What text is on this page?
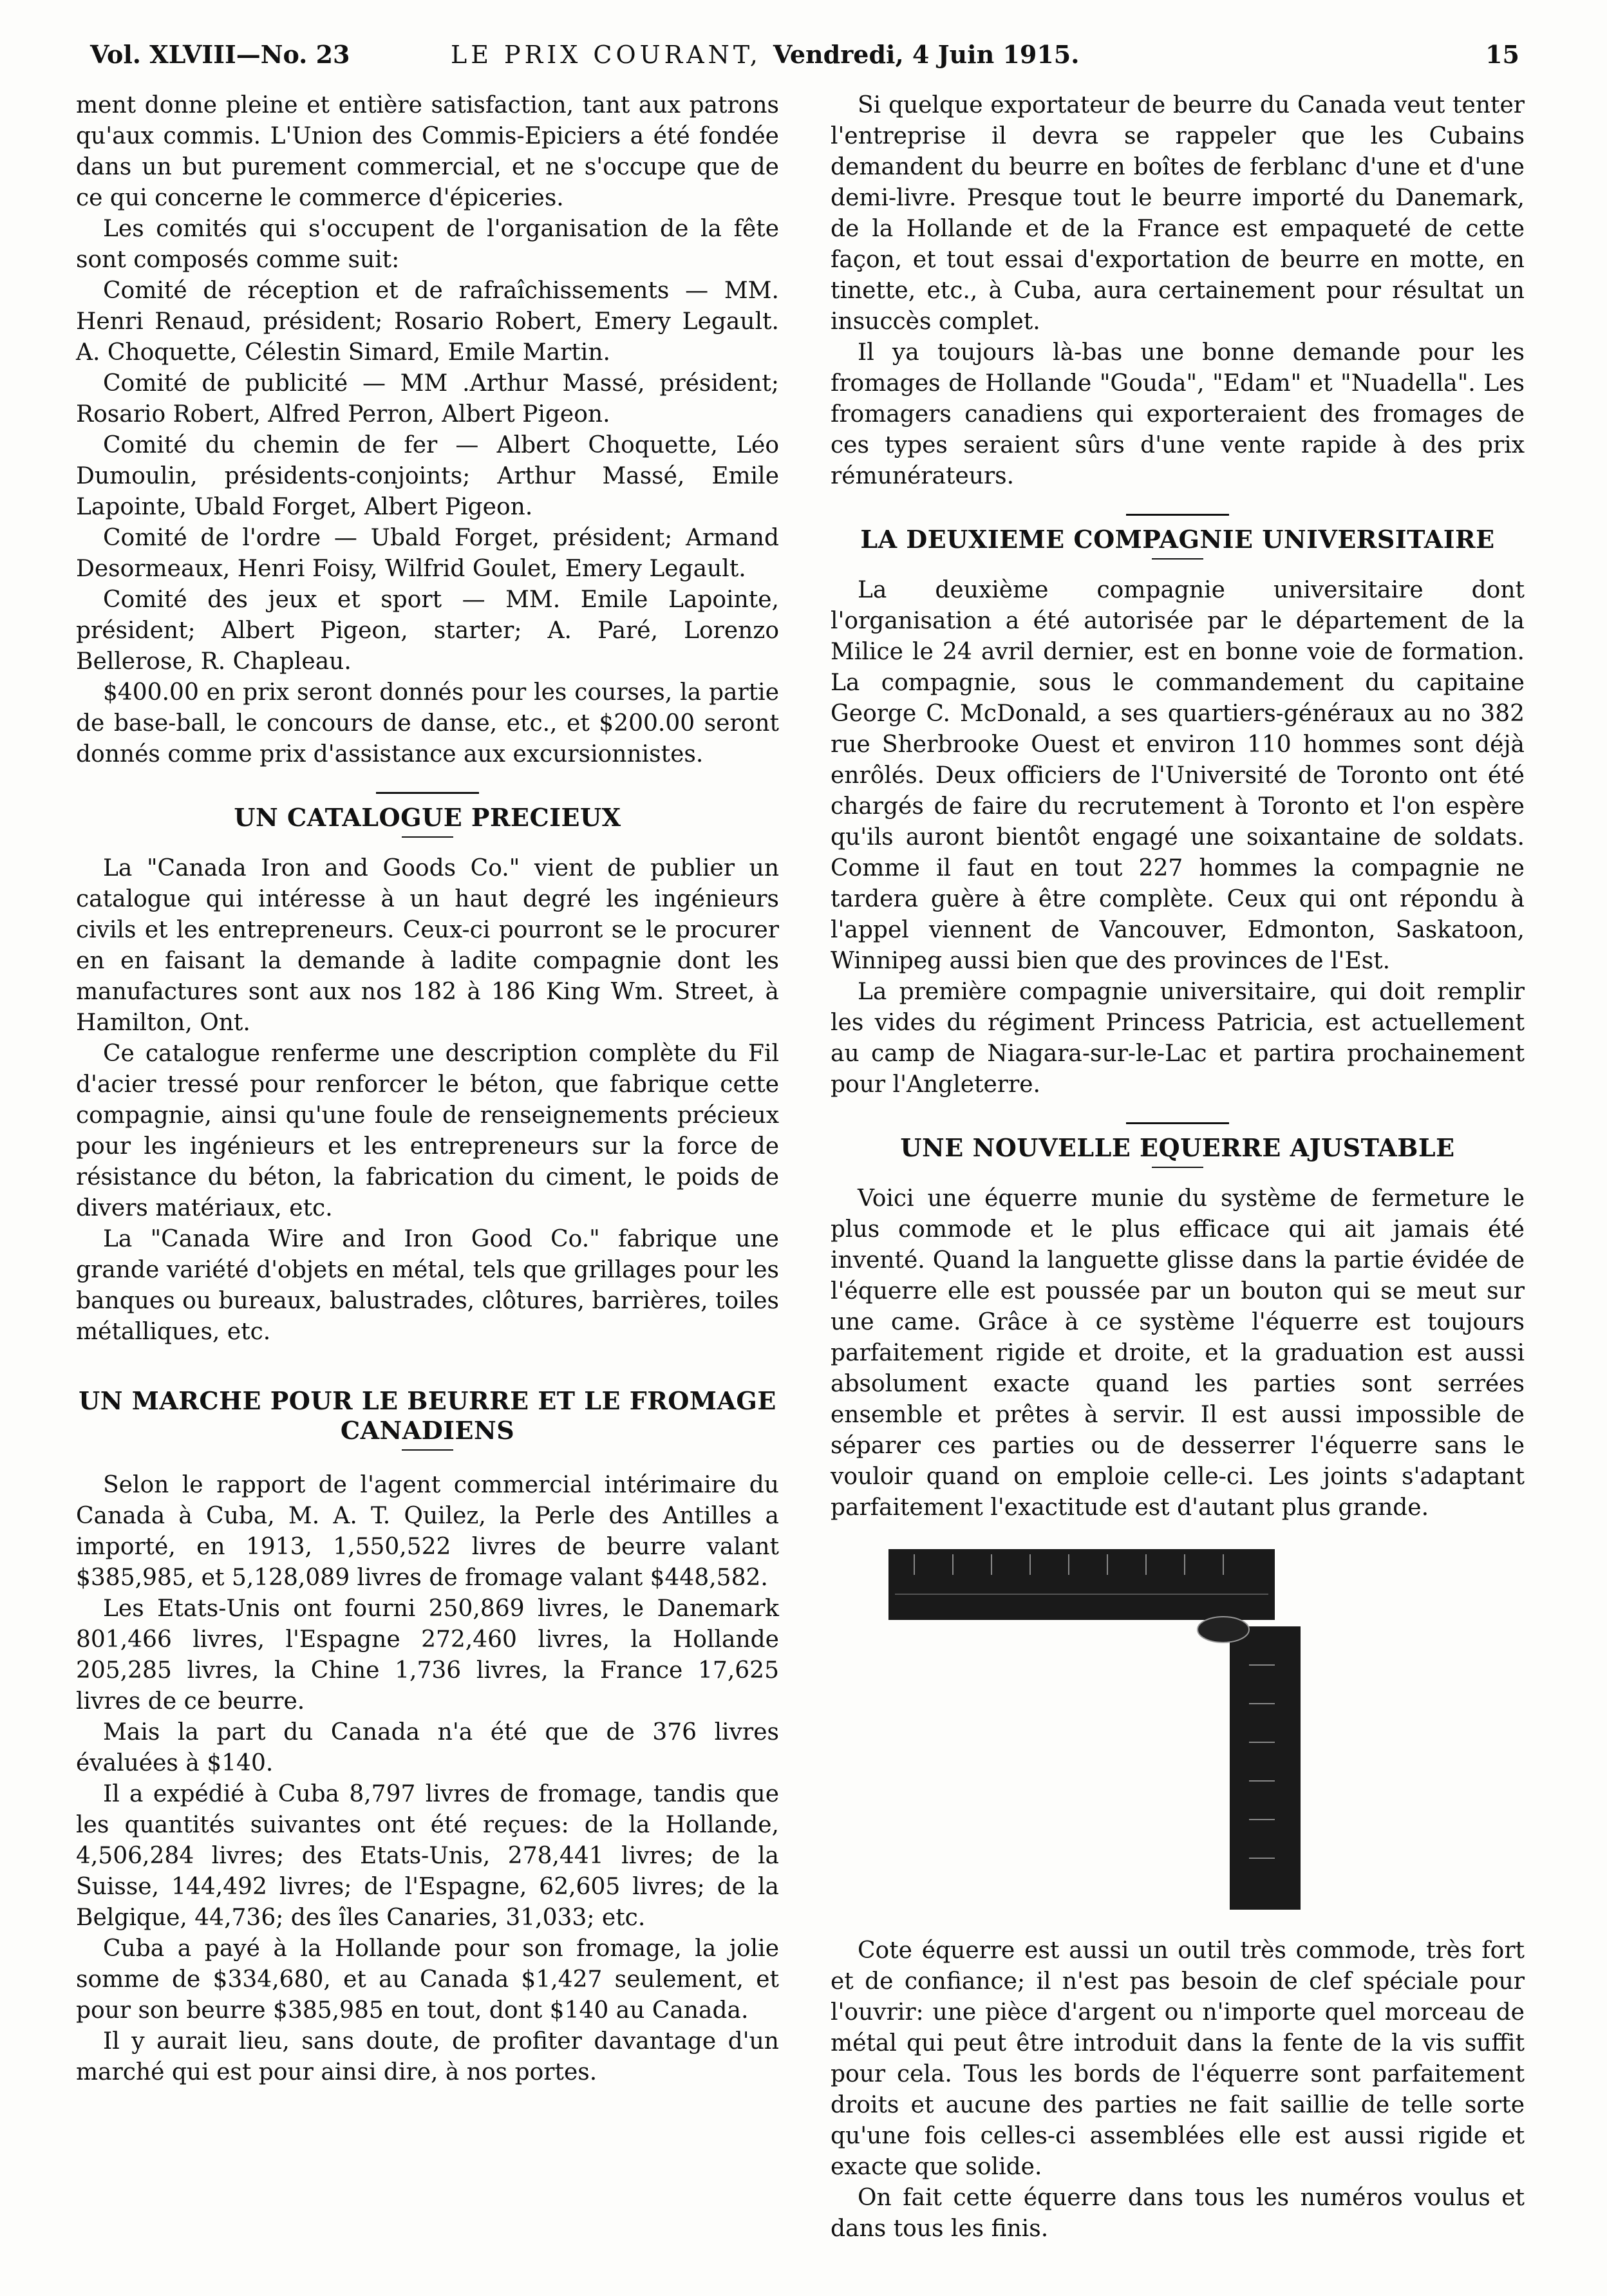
Vol. XLVIII—No. 23	LE PRIX COURANT, Vendredi, 4 Juin 1915.	15

ment donne pleine et entière satisfaction, tant aux patrons qu'aux commis. L'Union des Commis-Epiciers a été fondée dans un but purement commercial, et ne s'occupe que de ce qui concerne le commerce d'épiceries.

Les comités qui s'occupent de l'organisation de la fête sont composés comme suit:

Comité de réception et de rafraîchissements — MM. Henri Renaud, président; Rosario Robert, Emery Legault. A. Choquette, Célestin Simard, Emile Martin.

Comité de publicité — MM .Arthur Massé, président; Rosario Robert, Alfred Perron, Albert Pigeon.

Comité du chemin de fer — Albert Choquette, Léo Dumoulin, présidents-conjoints; Arthur Massé, Emile Lapointe, Ubald Forget, Albert Pigeon.

Comité de l'ordre — Ubald Forget, président; Armand Desormeaux, Henri Foisy, Wilfrid Goulet, Emery Legault.

Comité des jeux et sport — MM. Emile Lapointe, président; Albert Pigeon, starter; A. Paré, Lorenzo Bellerose, R. Chapleau.

$400.00 en prix seront donnés pour les courses, la partie de base-ball, le concours de danse, etc., et $200.00 seront donnés comme prix d'assistance aux excursionnistes.

UN CATALOGUE PRECIEUX

La "Canada Iron and Goods Co." vient de publier un catalogue qui intéresse à un haut degré les ingénieurs civils et les entrepreneurs. Ceux-ci pourront se le procurer en en faisant la demande à ladite compagnie dont les manufactures sont aux nos 182 à 186 King Wm. Street, à Hamilton, Ont.

Ce catalogue renferme une description complète du Fil d'acier tressé pour renforcer le béton, que fabrique cette compagnie, ainsi qu'une foule de renseignements précieux pour les ingénieurs et les entrepreneurs sur la force de résistance du béton, la fabrication du ciment, le poids de divers matériaux, etc.

La "Canada Wire and Iron Good Co." fabrique une grande variété d'objets en métal, tels que grillages pour les banques ou bureaux, balustrades, clôtures, barrières, toiles métalliques, etc.

UN MARCHE POUR LE BEURRE ET LE FROMAGE CANADIENS

Selon le rapport de l'agent commercial intérimaire du Canada à Cuba, M. A. T. Quilez, la Perle des Antilles a importé, en 1913, 1,550,522 livres de beurre valant $385,985, et 5,128,089 livres de fromage valant $448,582.

Les Etats-Unis ont fourni 250,869 livres, le Danemark 801,466 livres, l'Espagne 272,460 livres, la Hollande 205,285 livres, la Chine 1,736 livres, la France 17,625 livres de ce beurre.

Mais la part du Canada n'a été que de 376 livres évaluées à $140.

Il a expédié à Cuba 8,797 livres de fromage, tandis que les quantités suivantes ont été reçues: de la Hollande, 4,506,284 livres; des Etats-Unis, 278,441 livres; de la Suisse, 144,492 livres; de l'Espagne, 62,605 livres; de la Belgique, 44,736; des îles Canaries, 31,033; etc.

Cuba a payé à la Hollande pour son fromage, la jolie somme de $334,680, et au Canada $1,427 seulement, et pour son beurre $385,985 en tout, dont $140 au Canada.

Il y aurait lieu, sans doute, de profiter davantage d'un marché qui est pour ainsi dire, à nos portes.

Si quelque exportateur de beurre du Canada veut tenter l'entreprise il devra se rappeler que les Cubains demandent du beurre en boîtes de ferblanc d'une et d'une demi-livre. Presque tout le beurre importé du Danemark, de la Hollande et de la France est empaqueté de cette façon, et tout essai d'exportation de beurre en motte, en tinette, etc., à Cuba, aura certainement pour résultat un insuccès complet.

Il ya toujours là-bas une bonne demande pour les fromages de Hollande "Gouda", "Edam" et "Nuadella". Les fromagers canadiens qui exporteraient des fromages de ces types seraient sûrs d'une vente rapide à des prix rémunérateurs.

LA DEUXIEME COMPAGNIE UNIVERSITAIRE

La deuxième compagnie universitaire dont l'organisation a été autorisée par le département de la Milice le 24 avril dernier, est en bonne voie de formation. La compagnie, sous le commandement du capitaine George C. McDonald, a ses quartiers-généraux au no 382 rue Sherbrooke Ouest et environ 110 hommes sont déjà enrôlés. Deux officiers de l'Université de Toronto ont été chargés de faire du recrutement à Toronto et l'on espère qu'ils auront bientôt engagé une soixantaine de soldats. Comme il faut en tout 227 hommes la compagnie ne tardera guère à être complète. Ceux qui ont répondu à l'appel viennent de Vancouver, Edmonton, Saskatoon, Winnipeg aussi bien que des provinces de l'Est.

La première compagnie universitaire, qui doit remplir les vides du régiment Princess Patricia, est actuellement au camp de Niagara-sur-le-Lac et partira prochainement pour l'Angleterre.

UNE NOUVELLE EQUERRE AJUSTABLE

Voici une équerre munie du système de fermeture le plus commode et le plus efficace qui ait jamais été inventé. Quand la languette glisse dans la partie évidée de l'équerre elle est poussée par un bouton qui se meut sur une came. Grâce à ce système l'équerre est toujours parfaitement rigide et droite, et la graduation est aussi absolument exacte quand les parties sont serrées ensemble et prêtes à servir. Il est aussi impossible de séparer ces parties ou de desserrer l'équerre sans le vouloir quand on emploie celle-ci. Les joints s'adaptant parfaitement l'exactitude est d'autant plus grande.

Cote équerre est aussi un outil très commode, très fort et de confiance; il n'est pas besoin de clef spéciale pour l'ouvrir: une pièce d'argent ou n'importe quel morceau de métal qui peut être introduit dans la fente de la vis suffit pour cela. Tous les bords de l'équerre sont parfaitement droits et aucune des parties ne fait saillie de telle sorte qu'une fois celles-ci assemblées elle est aussi rigide et exacte que solide.

On fait cette équerre dans tous les numéros voulus et dans tous les finis.
